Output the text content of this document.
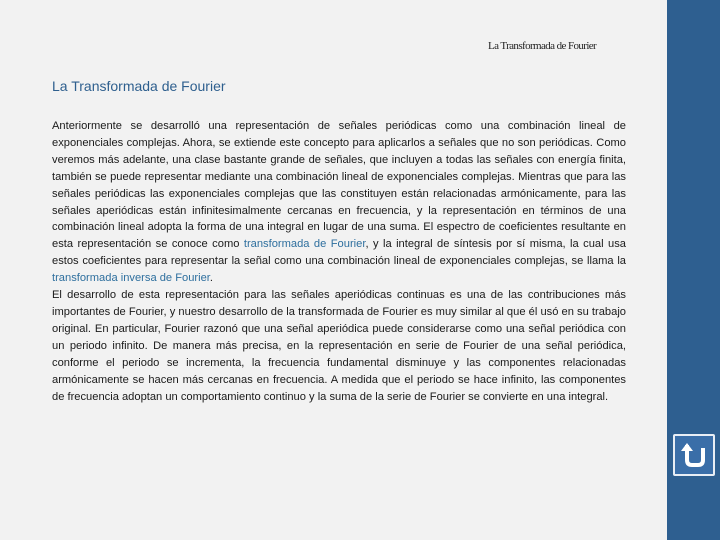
La Transformada de Fourier
La Transformada de Fourier

Anteriormente se desarrolló una representación de señales periódicas como una combinación lineal de exponenciales complejas. Ahora, se extiende este concepto para aplicarlos a señales que no son periódicas. Como veremos más adelante, una clase bastante grande de señales, que incluyen a todas las señales con energía finita, también se puede representar mediante una combinación lineal de exponenciales complejas. Mientras que para las señales periódicas las exponenciales complejas que las constituyen están relacionadas armónicamente, para las señales aperiódicas están infinitesimalmente cercanas en frecuencia, y la representación en términos de una combinación lineal adopta la forma de una integral en lugar de una suma. El espectro de coeficientes resultante en esta representación se conoce como transformada de Fourier, y la integral de síntesis por sí misma, la cual usa estos coeficientes para representar la señal como una combinación lineal de exponenciales complejas, se llama la transformada inversa de Fourier.

El desarrollo de esta representación para las señales aperiódicas continuas es una de las contribuciones más importantes de Fourier, y nuestro desarrollo de la transformada de Fourier es muy similar al que él usó en su trabajo original. En particular, Fourier razonó que una señal aperiódica puede considerarse como una señal periódica con un periodo infinito. De manera más precisa, en la representación en serie de Fourier de una señal periódica, conforme el periodo se incrementa, la frecuencia fundamental disminuye y las componentes relacionadas armónicamente se hacen más cercanas en frecuencia. A medida que el periodo se hace infinito, las componentes de frecuencia adoptan un comportamiento continuo y la suma de la serie de Fourier se convierte en una integral.
